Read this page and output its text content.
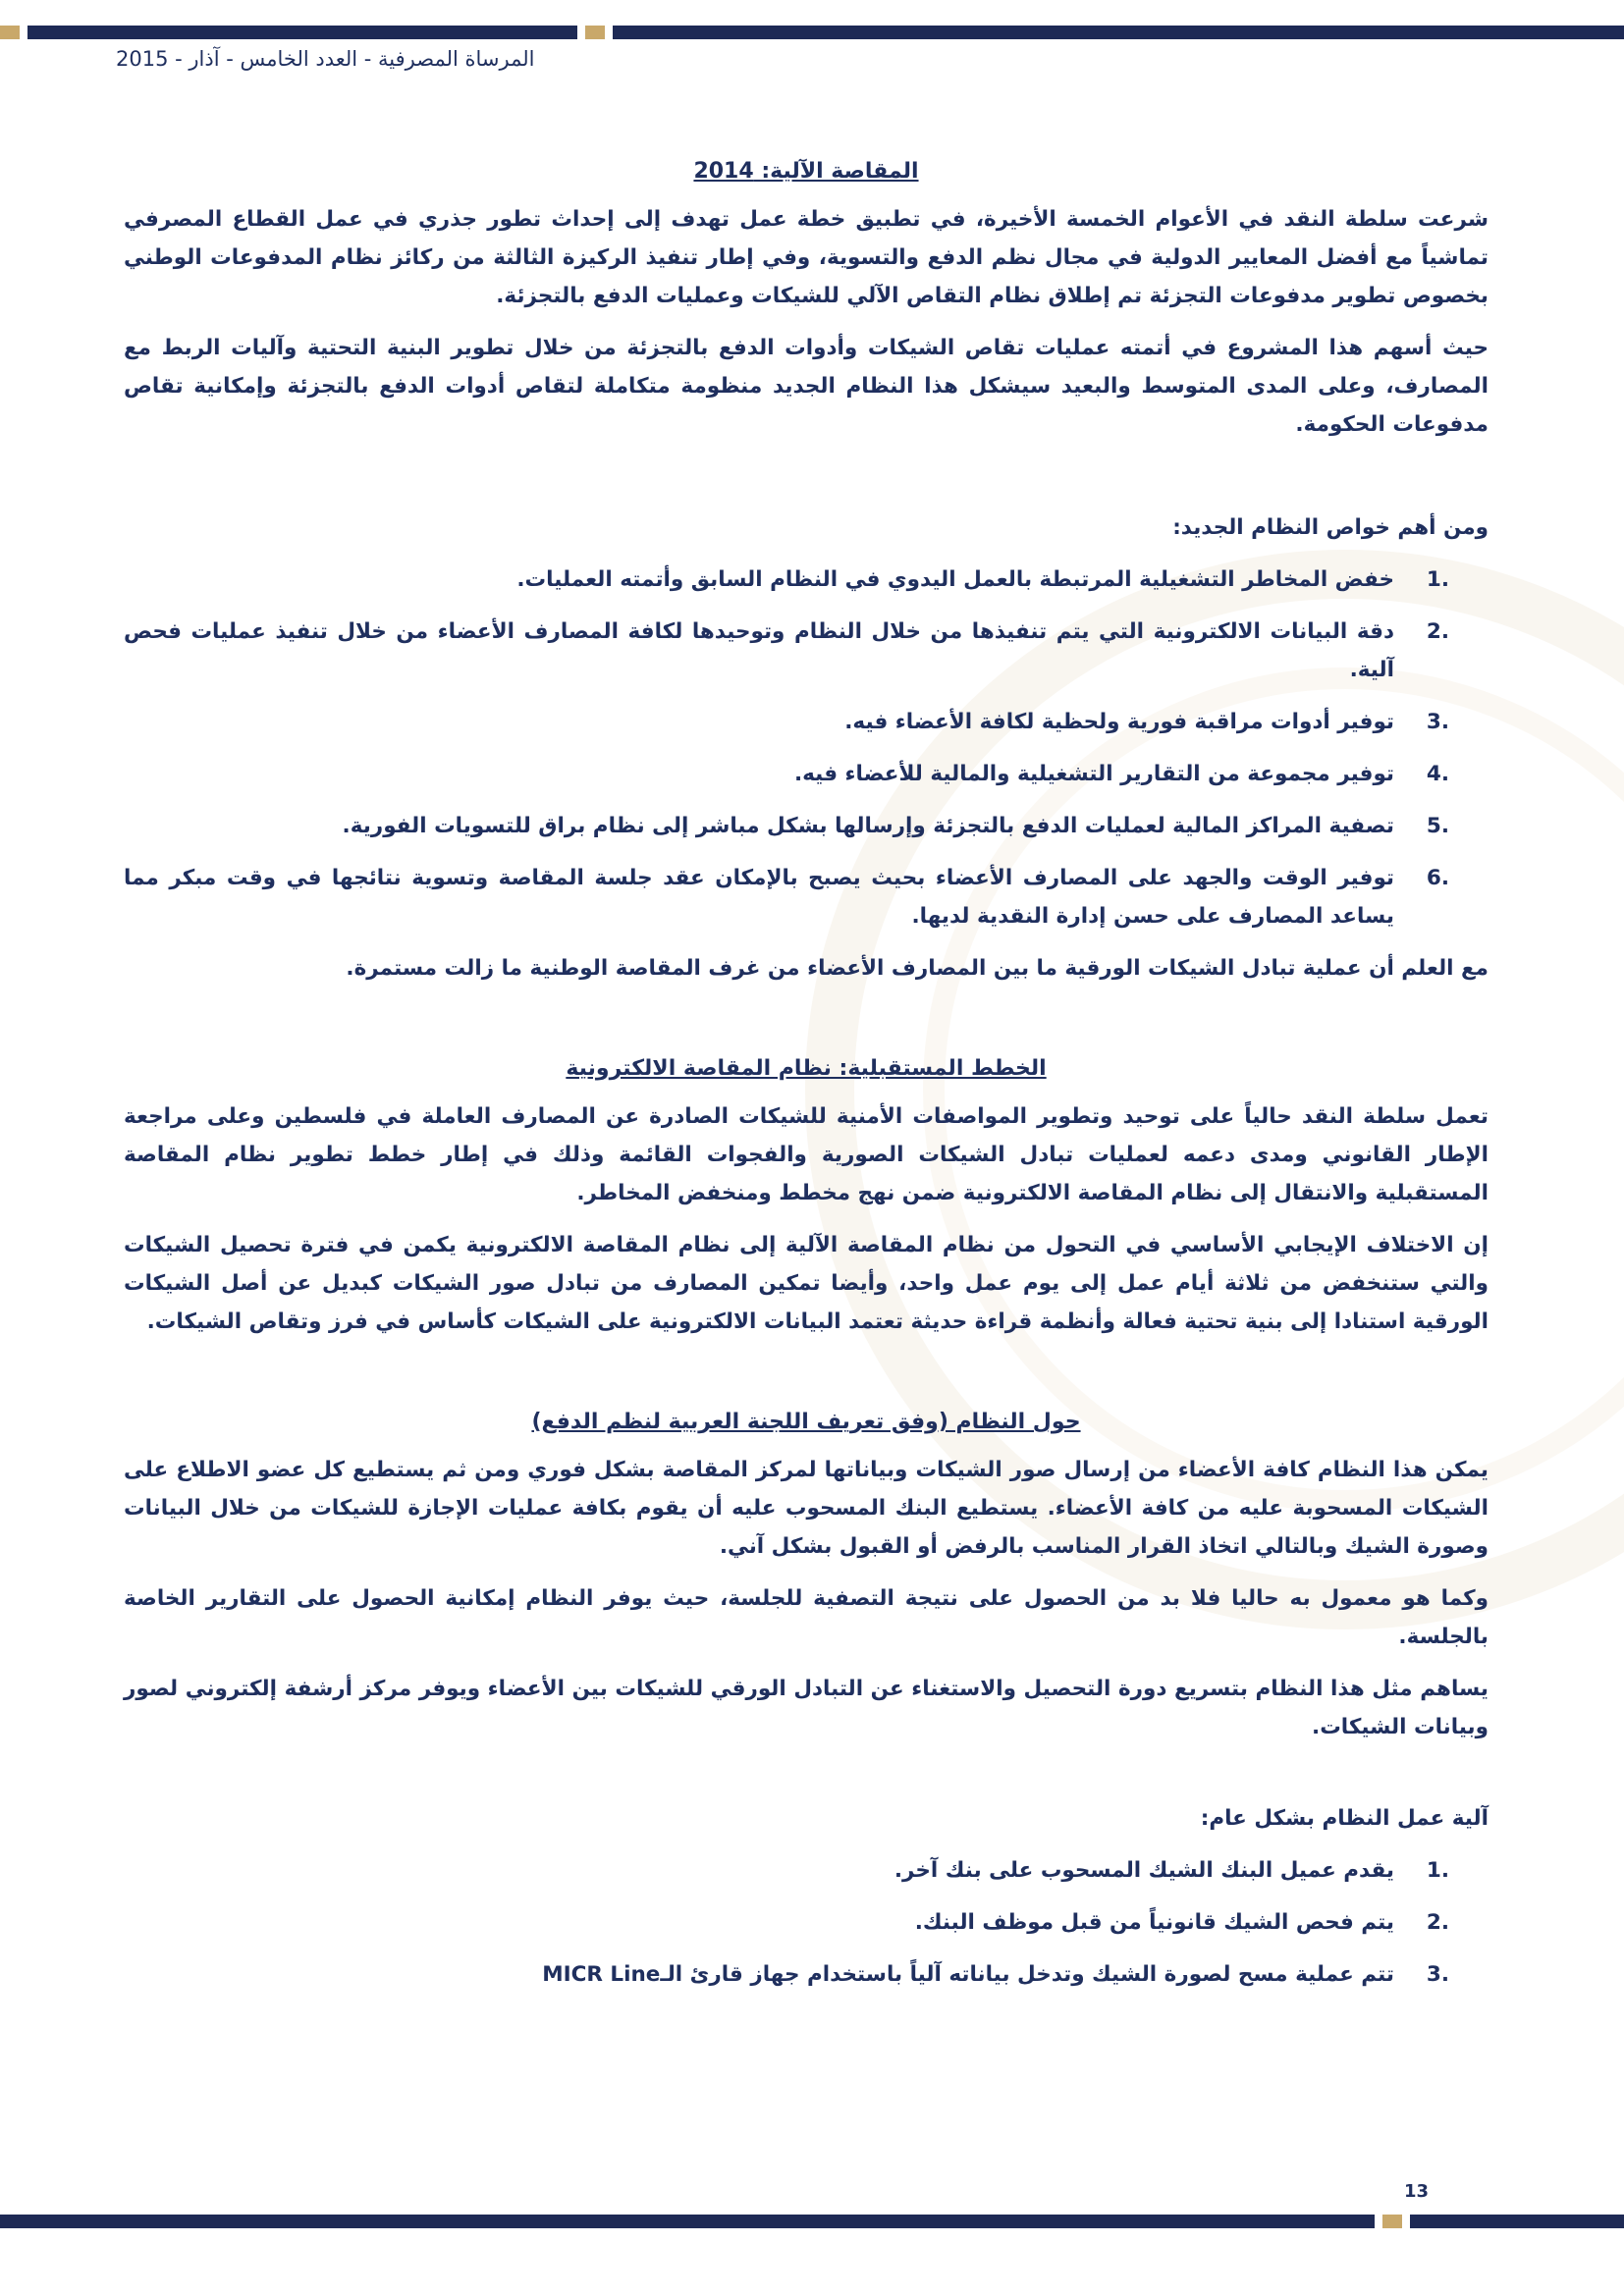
المرساة المصرفية - العدد الخامس - آذار - 2015
المقاصة الآلية: 2014

شرعت سلطة النقد في الأعوام الخمسة الأخيرة، في تطبيق خطة عمل تهدف إلى إحداث تطور جذري في عمل القطاع المصرفي تماشياً مع أفضل المعايير الدولية في مجال نظم الدفع والتسوية، وفي إطار تنفيذ الركيزة الثالثة من ركائز نظام المدفوعات الوطني بخصوص تطوير مدفوعات التجزئة تم إطلاق نظام التقاص الآلي للشيكات وعمليات الدفع بالتجزئة.

حيث أسهم هذا المشروع في أتمته عمليات تقاص الشيكات وأدوات الدفع بالتجزئة من خلال تطوير البنية التحتية وآليات الربط مع المصارف، وعلى المدى المتوسط والبعيد سيشكل هذا النظام الجديد منظومة متكاملة لتقاص أدوات الدفع بالتجزئة وإمكانية تقاص مدفوعات الحكومة.

ومن أهم خواص النظام الجديد:

.1
خفض المخاطر التشغيلية المرتبطة بالعمل اليدوي في النظام السابق وأتمته العمليات.
.2
دقة البيانات الالكترونية التي يتم تنفيذها من خلال النظام وتوحيدها لكافة المصارف الأعضاء من خلال تنفيذ عمليات فحص آلية.
.3
توفير أدوات مراقبة فورية ولحظية لكافة الأعضاء فيه.
.4
توفير مجموعة من التقارير التشغيلية والمالية للأعضاء فيه.
.5
تصفية المراكز المالية لعمليات الدفع بالتجزئة وإرسالها بشكل مباشر إلى نظام براق للتسويات الفورية.
.6
توفير الوقت والجهد على المصارف الأعضاء بحيث يصبح بالإمكان عقد جلسة المقاصة وتسوية نتائجها في وقت مبكر مما يساعد المصارف على حسن إدارة النقدية لديها.

مع العلم أن عملية تبادل الشيكات الورقية ما بين المصارف الأعضاء من غرف المقاصة الوطنية ما زالت مستمرة.

الخطط المستقبلية: نظام المقاصة الالكترونية

تعمل سلطة النقد حالياً على توحيد وتطوير المواصفات الأمنية للشيكات الصادرة عن المصارف العاملة في فلسطين وعلى مراجعة الإطار القانوني ومدى دعمه لعمليات تبادل الشيكات الصورية والفجوات القائمة وذلك في إطار خطط تطوير نظام المقاصة المستقبلية والانتقال إلى نظام المقاصة الالكترونية ضمن نهج مخطط ومنخفض المخاطر.

إن الاختلاف الإيجابي الأساسي في التحول من نظام المقاصة الآلية إلى نظام المقاصة الالكترونية يكمن في فترة تحصيل الشيكات والتي ستنخفض من ثلاثة أيام عمل إلى يوم عمل واحد، وأيضا تمكين المصارف من تبادل صور الشيكات كبديل عن أصل الشيكات الورقية استنادا إلى بنية تحتية فعالة وأنظمة قراءة حديثة تعتمد البيانات الالكترونية على الشيكات كأساس في فرز وتقاص الشيكات.

حول النظام (وفق تعريف اللجنة العربية لنظم الدفع)

يمكن هذا النظام كافة الأعضاء من إرسال صور الشيكات وبياناتها لمركز المقاصة بشكل فوري ومن ثم يستطيع كل عضو الاطلاع على الشيكات المسحوبة عليه من كافة الأعضاء. يستطيع البنك المسحوب عليه أن يقوم بكافة عمليات الإجازة للشيكات من خلال البيانات وصورة الشيك وبالتالي اتخاذ القرار المناسب بالرفض أو القبول بشكل آني.

وكما هو معمول به حاليا فلا بد من الحصول على نتيجة التصفية للجلسة، حيث يوفر النظام إمكانية الحصول على التقارير الخاصة بالجلسة.

يساهم مثل هذا النظام بتسريع دورة التحصيل والاستغناء عن التبادل الورقي للشيكات بين الأعضاء ويوفر مركز أرشفة إلكتروني لصور وبيانات الشيكات.

آلية عمل النظام بشكل عام:

.1
يقدم عميل البنك الشيك المسحوب على بنك آخر.
.2
يتم فحص الشيك قانونياً من قبل موظف البنك.
.3
تتم عملية مسح لصورة الشيك وتدخل بياناته آلياً باستخدام جهاز قارئ الـMICR Line
13
